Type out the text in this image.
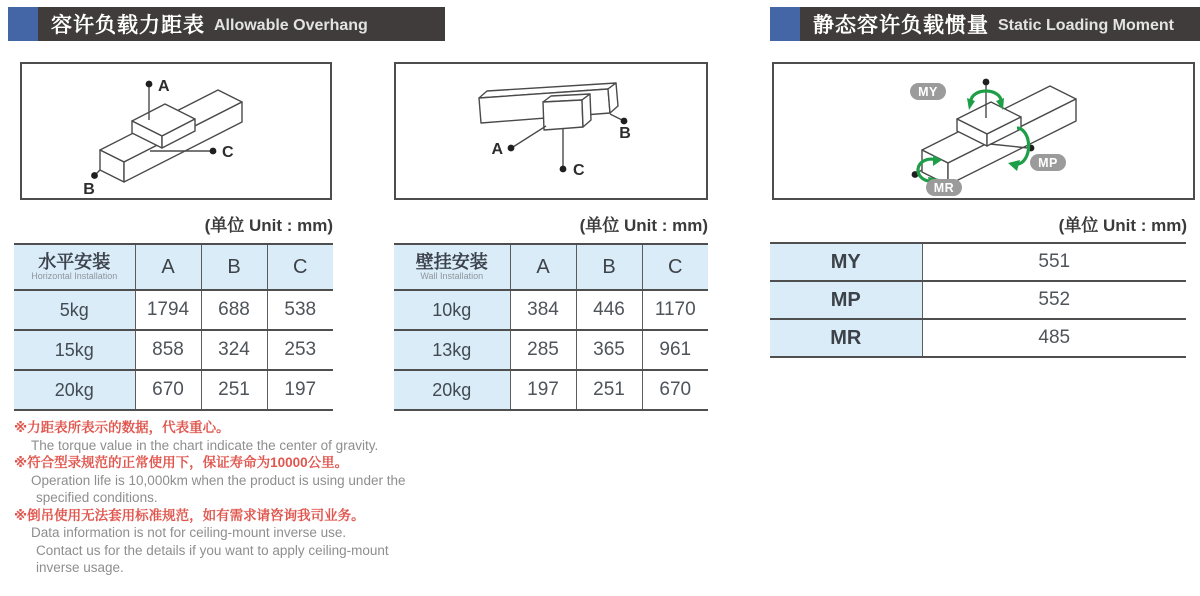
容许负载力距表 Allowable Overhang	静态容许负载惯量 Static Loading Moment
A
B
C	A
B
C
MY
MP
MR
(单位 Unit : mm)	(单位 Unit : mm)	(单位 Unit : mm)
水平安装
Horizontal Installation	A	B	C
5kg	1794	688	538
15kg	858	324	253
20kg	670	251	197
壁挂安装
Wall Installation	A	B	C
10kg	384	446	1170
13kg	285	365	961
20kg	197	251	670
MY	551
MP	552
MR	485
※力距表所表示的数据，代表重心。
The torque value in the chart indicate the center of gravity.
※符合型录规范的正常使用下，保证寿命为10000公里。
Operation life is 10,000km when the product is using under the
specified conditions.
※倒吊使用无法套用标准规范，如有需求请咨询我司业务。
Data information is not for ceiling-mount inverse use.
Contact us for the details if you want to apply ceiling-mount
inverse usage.
